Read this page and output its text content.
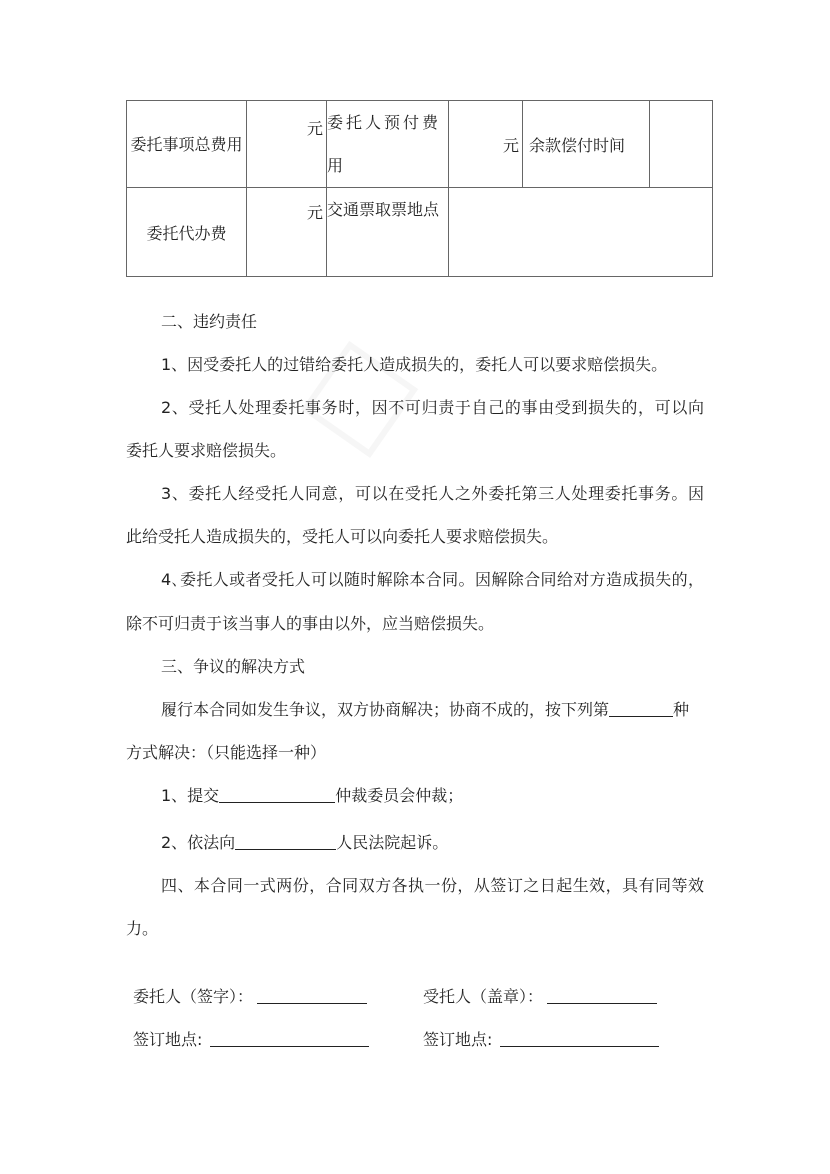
委托事项总费用	元	委托人预付费用	元	余款偿付时间	
委托代办费	元	交通票取票地点			
二、违约责任
1、因受委托人的过错给委托人造成损失的，委托人可以要求赔偿损失。
2、受托人处理委托事务时，因不可归责于自己的事由受到损失的，可以向
委托人要求赔偿损失。
3、委托人经受托人同意，可以在受托人之外委托第三人处理委托事务。因
此给受托人造成损失的，受托人可以向委托人要求赔偿损失。
4､委托人或者受托人可以随时解除本合同。因解除合同给对方造成损失的，
除不可归责于该当事人的事由以外，应当赔偿损失。
三、争议的解决方式
履行本合同如发生争议，双方协商解决；协商不成的，按下列第	种
方式解决：（只能选择一种）
1、提交	仲裁委员会仲裁；
2、依法向	人民法院起诉。
四、本合同一式两份，合同双方各执一份，从签订之日起生效，具有同等效
力。
委托人（签字）：	受托人（盖章）：
签订地点:	签订地点:
